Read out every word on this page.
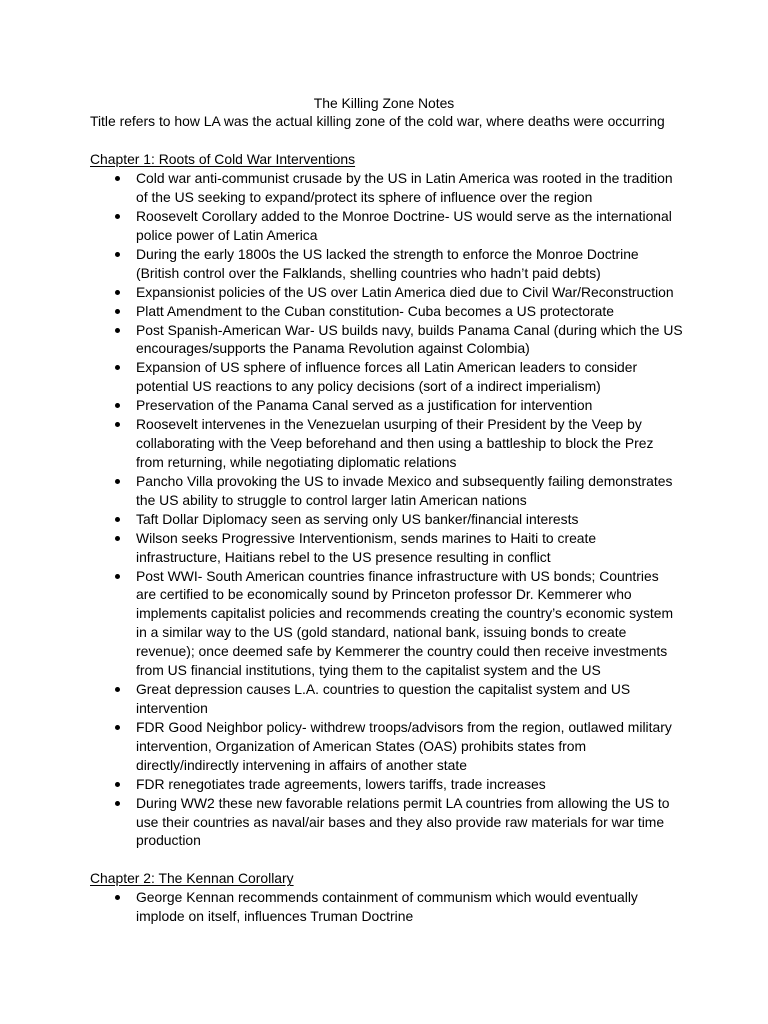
The Killing Zone Notes
Title refers to how LA was the actual killing zone of the cold war, where deaths were occurring
Chapter 1: Roots of Cold War Interventions
Cold war anti-communist crusade by the US in Latin America was rooted in the tradition
of the US seeking to expand/protect its sphere of influence over the region
Roosevelt Corollary added to the Monroe Doctrine- US would serve as the international
police power of Latin America
During the early 1800s the US lacked the strength to enforce the Monroe Doctrine
(British control over the Falklands, shelling countries who hadn’t paid debts)
Expansionist policies of the US over Latin America died due to Civil War/Reconstruction
Platt Amendment to the Cuban constitution- Cuba becomes a US protectorate
Post Spanish-American War- US builds navy, builds Panama Canal (during which the US
encourages/supports the Panama Revolution against Colombia)
Expansion of US sphere of influence forces all Latin American leaders to consider
potential US reactions to any policy decisions (sort of a indirect imperialism)
Preservation of the Panama Canal served as a justification for intervention
Roosevelt intervenes in the Venezuelan usurping of their President by the Veep by
collaborating with the Veep beforehand and then using a battleship to block the Prez
from returning, while negotiating diplomatic relations
Pancho Villa provoking the US to invade Mexico and subsequently failing demonstrates
the US ability to struggle to control larger latin American nations
Taft Dollar Diplomacy seen as serving only US banker/financial interests
Wilson seeks Progressive Interventionism, sends marines to Haiti to create
infrastructure, Haitians rebel to the US presence resulting in conflict
Post WWI- South American countries finance infrastructure with US bonds; Countries
are certified to be economically sound by Princeton professor Dr. Kemmerer who
implements capitalist policies and recommends creating the country’s economic system
in a similar way to the US (gold standard, national bank, issuing bonds to create
revenue); once deemed safe by Kemmerer the country could then receive investments
from US financial institutions, tying them to the capitalist system and the US
Great depression causes L.A. countries to question the capitalist system and US
intervention
FDR Good Neighbor policy- withdrew troops/advisors from the region, outlawed military
intervention, Organization of American States (OAS) prohibits states from
directly/indirectly intervening in affairs of another state
FDR renegotiates trade agreements, lowers tariffs, trade increases
During WW2 these new favorable relations permit LA countries from allowing the US to
use their countries as naval/air bases and they also provide raw materials for war time
production
Chapter 2: The Kennan Corollary
George Kennan recommends containment of communism which would eventually
implode on itself, influences Truman Doctrine
